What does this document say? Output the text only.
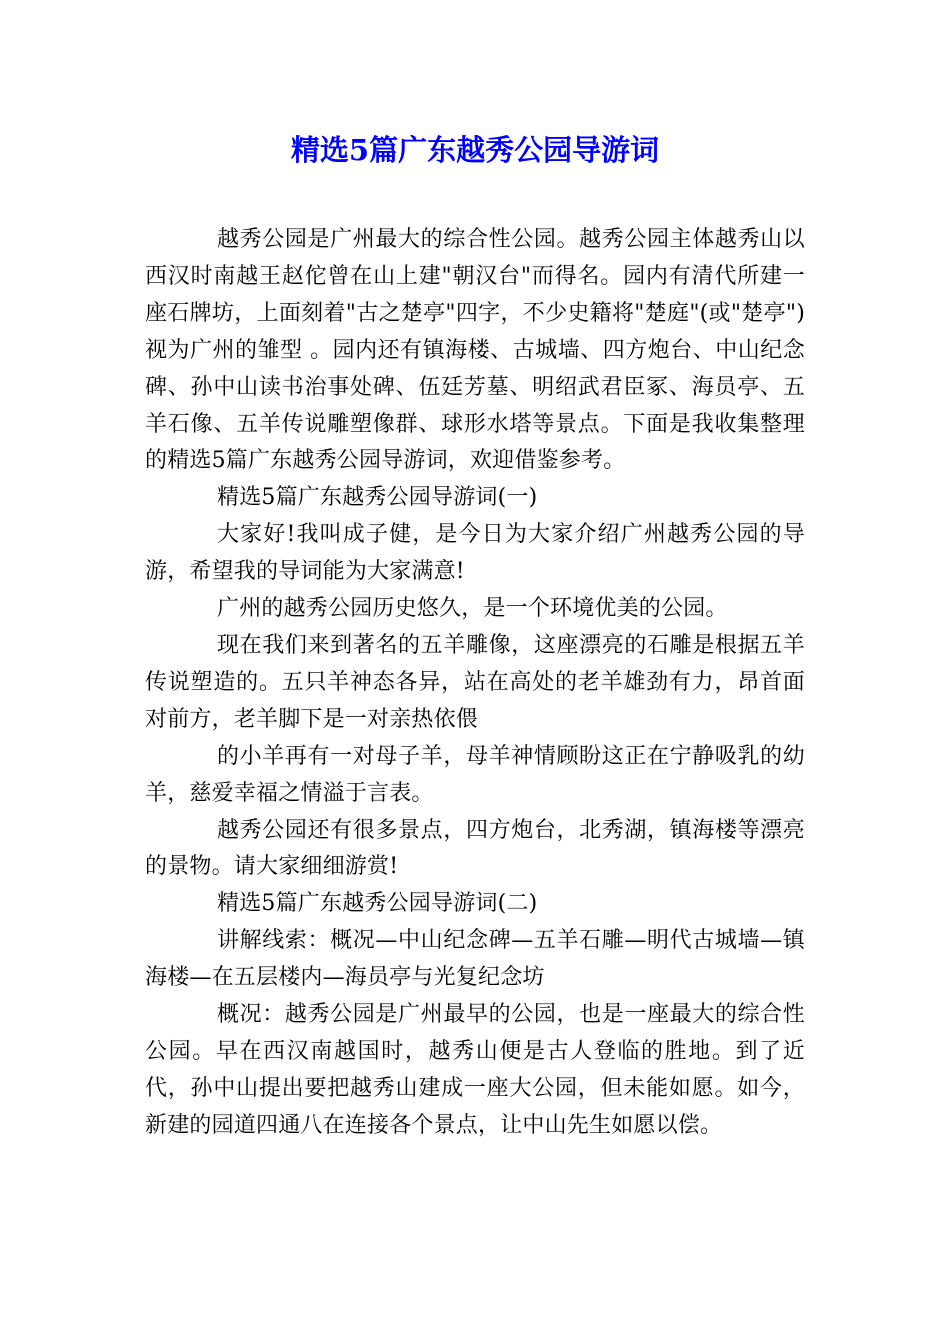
精选5篇广东越秀公园导游词

越秀公园是广州最大的综合性公园。越秀公园主体越秀山以西汉时南越王赵佗曾在山上建"朝汉台"而得名。园内有清代所建一座石牌坊，上面刻着"古之楚亭"四字，不少史籍将"楚庭"(或"楚亭")视为广州的雏型 。园内还有镇海楼、古城墙、四方炮台、中山纪念碑、孙中山读书治事处碑、伍廷芳墓、明绍武君臣冢、海员亭、五羊石像、五羊传说雕塑像群、球形水塔等景点。下面是我收集整理的精选5篇广东越秀公园导游词，欢迎借鉴参考。

精选5篇广东越秀公园导游词(一)

大家好!我叫成子健，是今日为大家介绍广州越秀公园的导游，希望我的导词能为大家满意!

广州的越秀公园历史悠久，是一个环境优美的公园。

现在我们来到著名的五羊雕像，这座漂亮的石雕是根据五羊传说塑造的。五只羊神态各异，站在高处的老羊雄劲有力，昂首面对前方，老羊脚下是一对亲热依偎

的小羊再有一对母子羊，母羊神情顾盼这正在宁静吸乳的幼羊，慈爱幸福之情溢于言表。

越秀公园还有很多景点，四方炮台，北秀湖，镇海楼等漂亮的景物。请大家细细游赏!

精选5篇广东越秀公园导游词(二)

讲解线索：概况—中山纪念碑—五羊石雕—明代古城墙—镇海楼—在五层楼内—海员亭与光复纪念坊

概况：越秀公园是广州最早的公园，也是一座最大的综合性公园。早在西汉南越国时，越秀山便是古人登临的胜地。到了近代，孙中山提出要把越秀山建成一座大公园，但未能如愿。如今，新建的园道四通八在连接各个景点，让中山先生如愿以偿。
